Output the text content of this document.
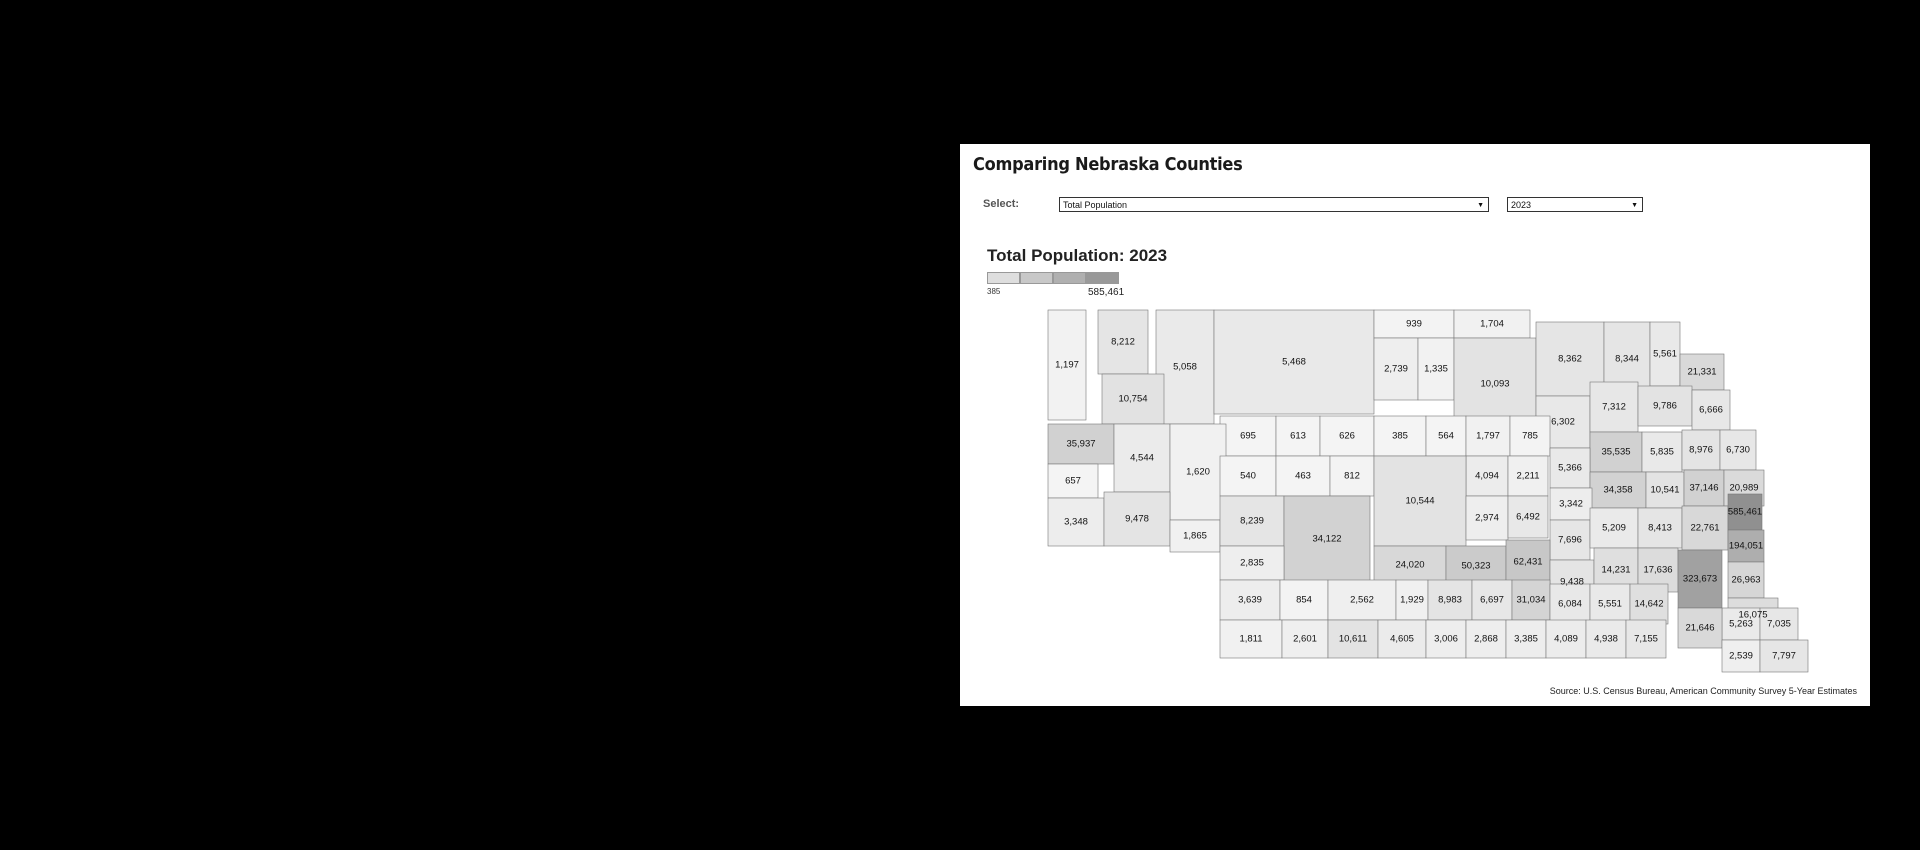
Comparing Nebraska Counties
Select:	Total Population	▼	2023	▼
Total Population: 2023
385	585,461
1,197
8,212
5,058	5,468
939	1,704
10,754
2,739 1,335
10,093
8,362	8,344 5,561
21,331
6,302
7,312	9,786 6,666
35,937
4,544
695	613	626	385	564 1,797 785
35,535 5,835 8,976 6,730
657
1,620	540	463	812	4,094 2,211
5,366
34,358 10,541 37,146 20,989
3,348	9,478
1,865
8,239
34,122
10,544
2,974 6,492
3,342
7,696
5,209 8,413 22,761
585,461
194,051
2,835	24,020	50,323 62,431
9,438
14,231 17,636
323,673 26,963
16,075
3,639	854	2,562	1,929 8,983 6,697 31,034 6,084 5,551 14,642
5,263 7,035
21,646
1,811	2,601 10,611 4,605 3,006 2,868 3,385 4,089 4,938 7,155
2,539 7,797
Source: U.S. Census Bureau, American Community Survey 5-Year Estimates
